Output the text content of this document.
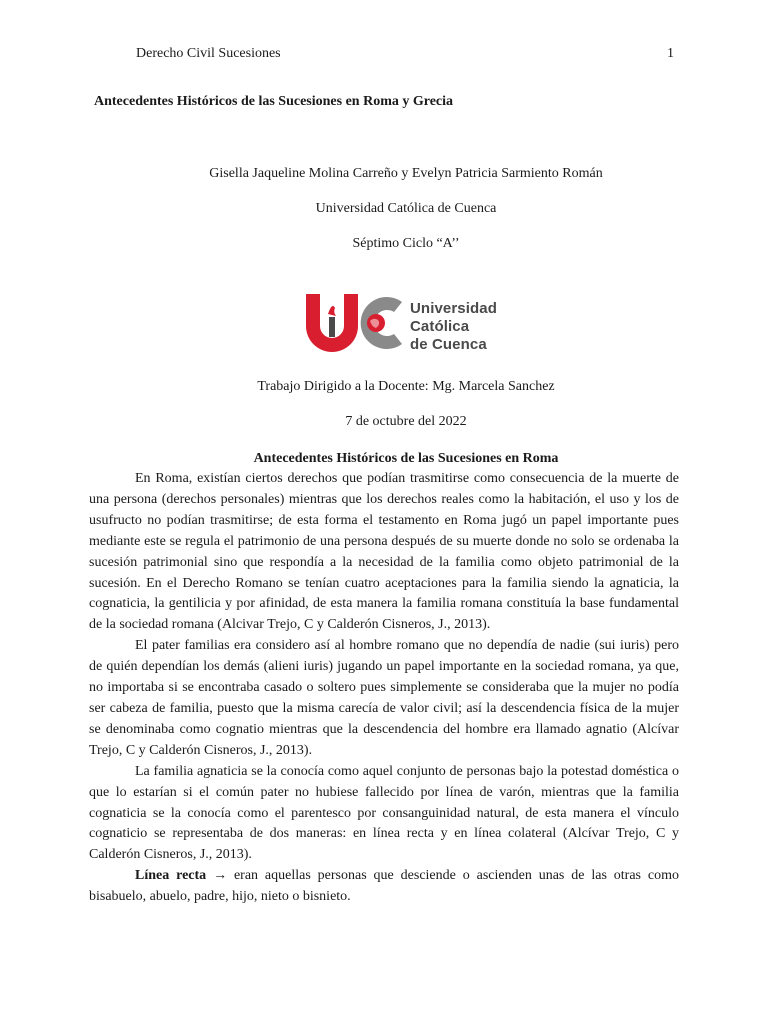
Derecho Civil Sucesiones	1
Antecedentes Históricos de las Sucesiones en Roma y Grecia
Gisella Jaqueline Molina Carreño y Evelyn Patricia Sarmiento Román
Universidad Católica de Cuenca
Séptimo Ciclo “A’’
Universidad
Católica
de Cuenca
Trabajo Dirigido a la Docente: Mg. Marcela Sanchez
7 de octubre del 2022
Antecedentes Históricos de las Sucesiones en Roma

En Roma, existían ciertos derechos que podían trasmitirse como consecuencia de la muerte de una persona (derechos personales) mientras que los derechos reales como la habitación, el uso y los de usufructo no podían trasmitirse; de esta forma el testamento en Roma jugó un papel importante pues mediante este se regula el patrimonio de una persona después de su muerte donde no solo se ordenaba la sucesión patrimonial sino que respondía a la necesidad de la familia como objeto patrimonial de la sucesión. En el Derecho Romano se tenían cuatro aceptaciones para la familia siendo la agnaticia, la cognaticia, la gentilicia y por afinidad, de esta manera la familia romana constituía la base fundamental de la sociedad romana (Alcivar Trejo, C y Calderón Cisneros, J., 2013).

El pater familias era considero así al hombre romano que no dependía de nadie (sui iuris) pero de quién dependían los demás (alieni iuris) jugando un papel importante en la sociedad romana, ya que, no importaba si se encontraba casado o soltero pues simplemente se consideraba que la mujer no podía ser cabeza de familia, puesto que la misma carecía de valor civil; así la descendencia física de la mujer se denominaba como cognatio mientras que la descendencia del hombre era llamado agnatio (Alcívar Trejo, C y Calderón Cisneros, J., 2013).

La familia agnaticia se la conocía como aquel conjunto de personas bajo la potestad doméstica o que lo estarían si el común pater no hubiese fallecido por línea de varón, mientras que la familia cognaticia se la conocía como el parentesco por consanguinidad natural, de esta manera el vínculo cognaticio se representaba de dos maneras: en línea recta y en línea colateral (Alcívar Trejo, C y Calderón Cisneros, J., 2013).

Línea recta → eran aquellas personas que desciende o ascienden unas de las otras como bisabuelo, abuelo, padre, hijo, nieto o bisnieto.
